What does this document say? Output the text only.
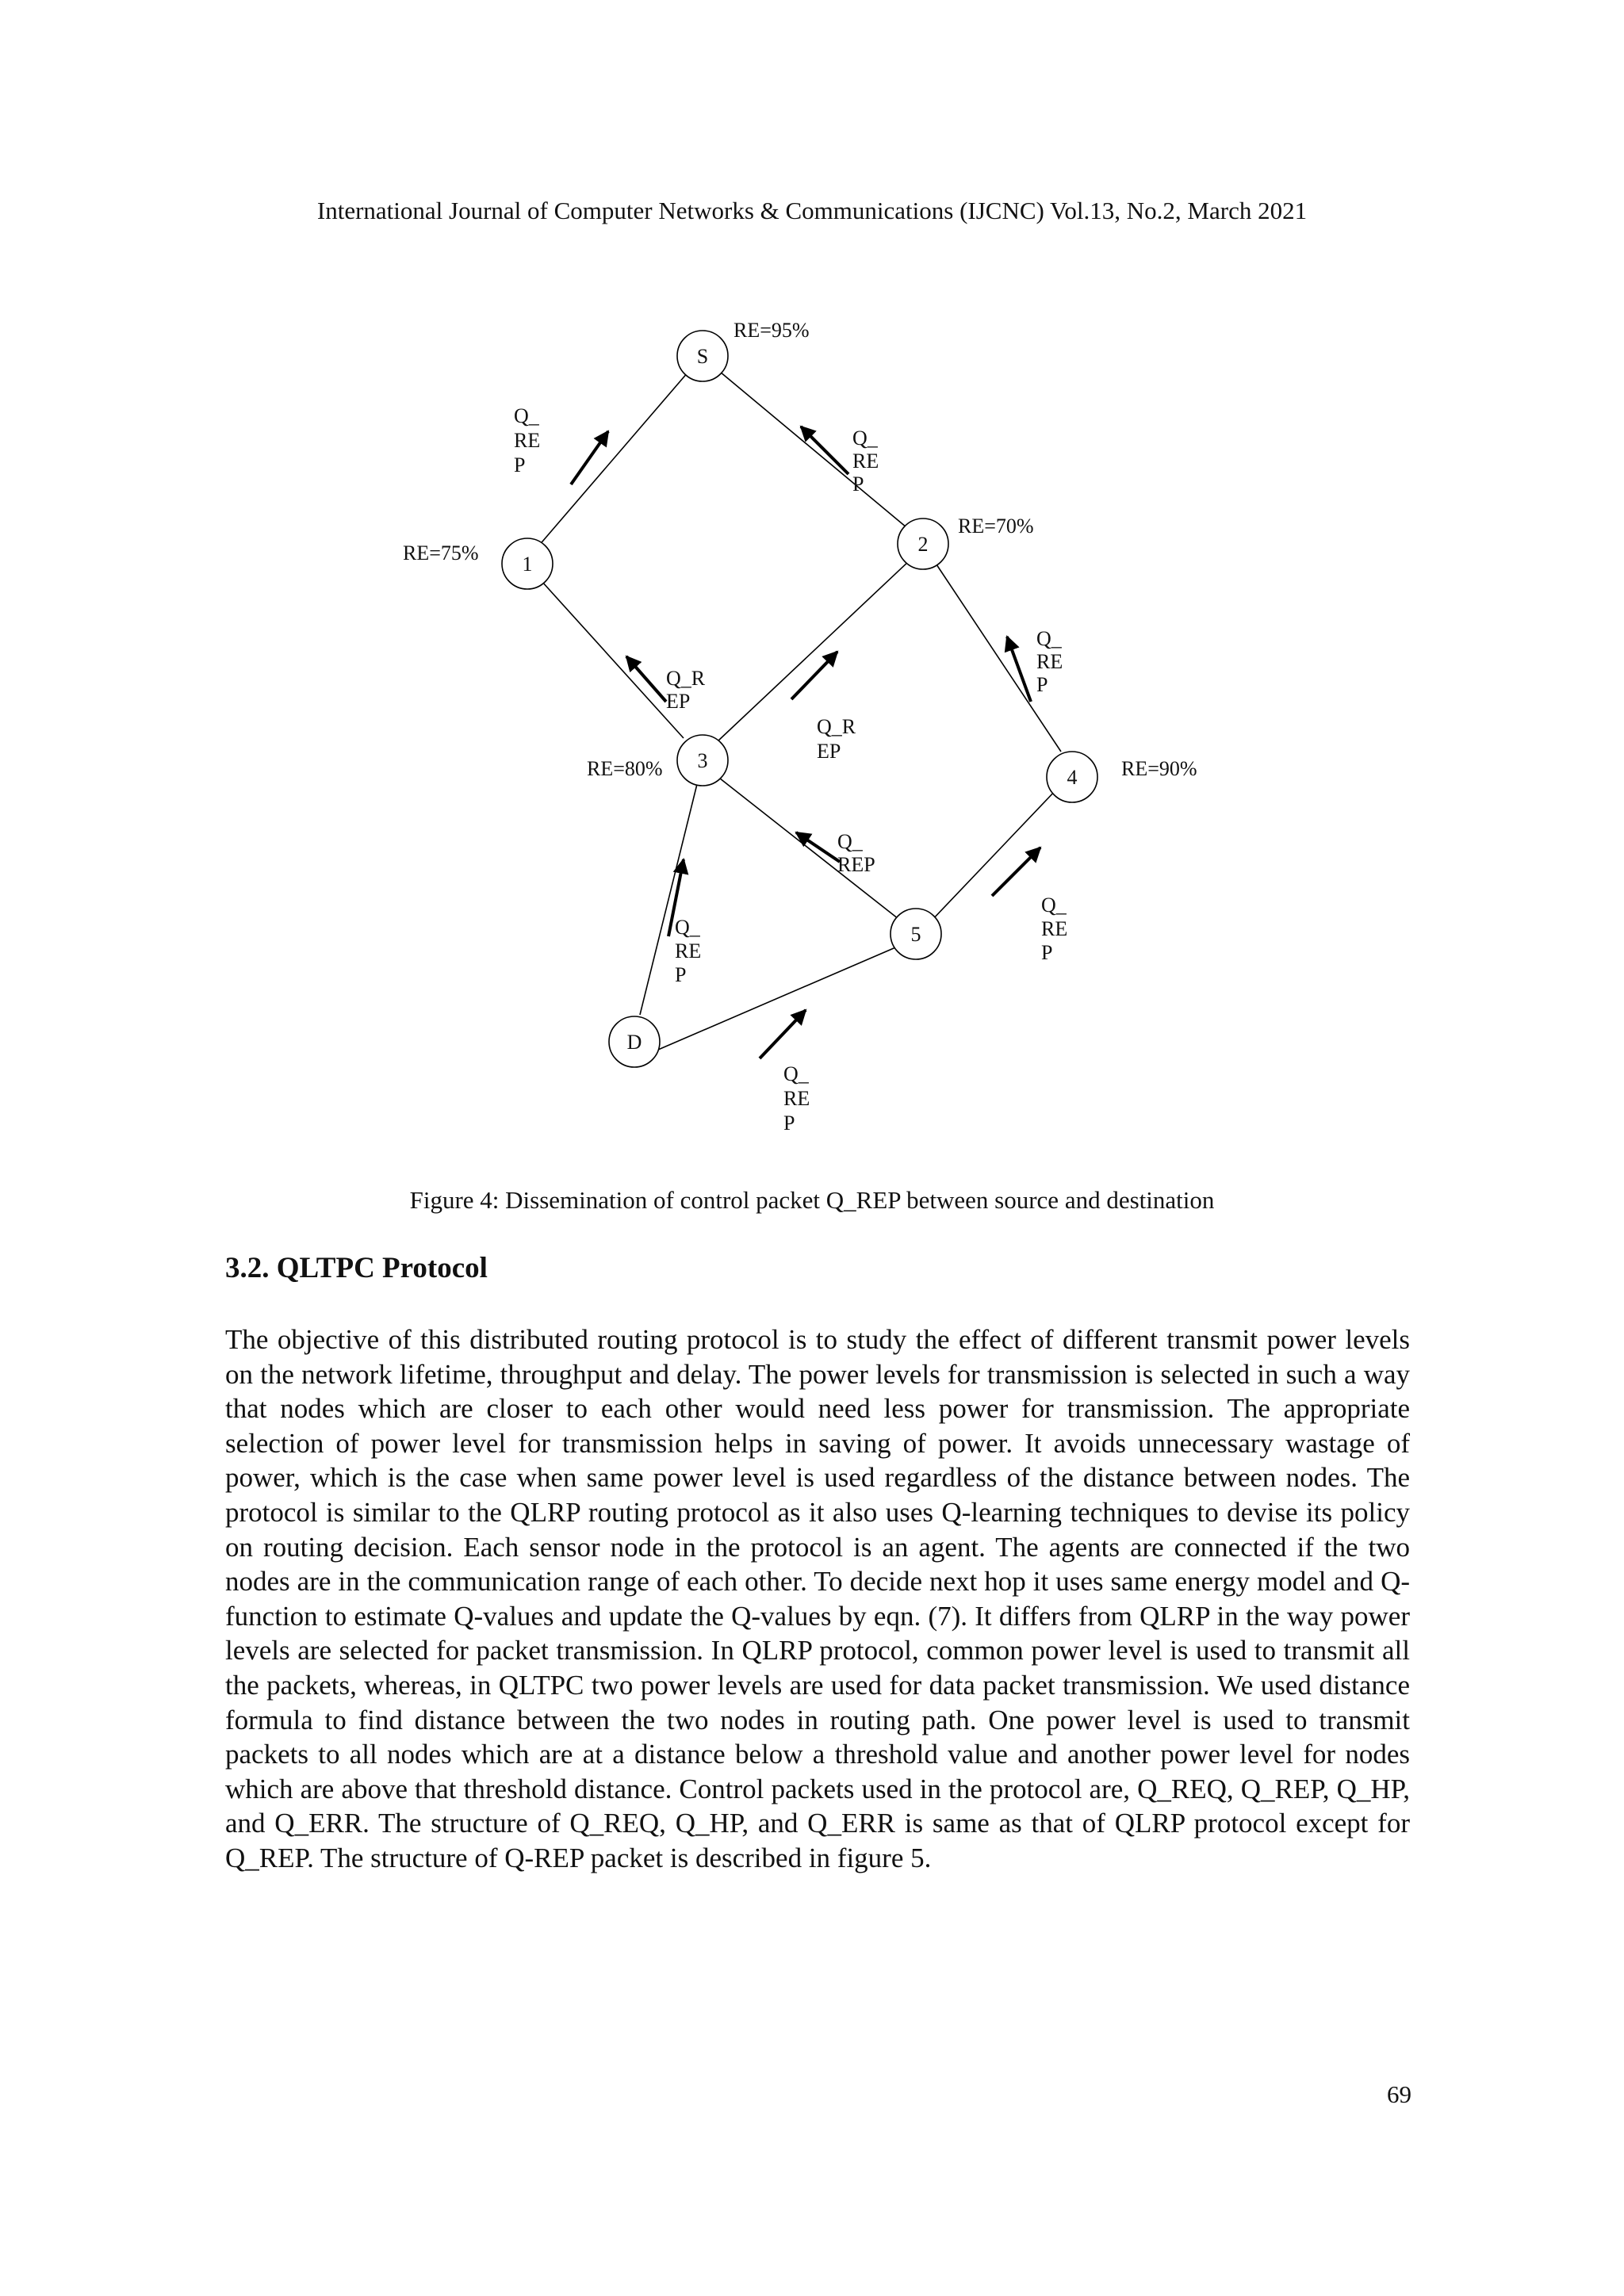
International Journal of Computer Networks & Communications (IJCNC) Vol.13, No.2, March 2021
S
1
2
3
4
5
D
RE=95%
RE=75%
RE=70%
RE=80%	RE=90%
Q_ RE P
Q_ RE P
Q_R EP
Q_R EP
Q_ RE P
Q_ REP
Q_ RE P
Q_ RE P
Q_ RE P
Figure 4: Dissemination of control packet Q_REP between source and destination
3.2. QLTPC Protocol

The objective of this distributed routing protocol is to study the effect of different transmit power levels on the network lifetime, throughput and delay. The power levels for transmission is selected in such a way that nodes which are closer to each other would need less power for transmission. The appropriate selection of power level for transmission helps in saving of power. It avoids unnecessary wastage of power, which is the case when same power level is used regardless of the distance between nodes. The protocol is similar to the QLRP routing protocol as it also uses Q-learning techniques to devise its policy on routing decision. Each sensor node in the protocol is an agent. The agents are connected if the two nodes are in the communication range of each other. To decide next hop it uses same energy model and Q-function to estimate Q-values and update the Q-values by eqn. (7). It differs from QLRP in the way power levels are selected for packet transmission. In QLRP protocol, common power level is used to transmit all the packets, whereas, in QLTPC two power levels are used for data packet transmission. We used distance formula to find distance between the two nodes in routing path. One power level is used to transmit packets to all nodes which are at a distance below a threshold value and another power level for nodes which are above that threshold distance. Control packets used in the protocol are, Q_REQ, Q_REP, Q_HP, and Q_ERR. The structure of Q_REQ, Q_HP, and Q_ERR is same as that of QLRP protocol except for Q_REP. The structure of Q-REP packet is described in figure 5.

69
